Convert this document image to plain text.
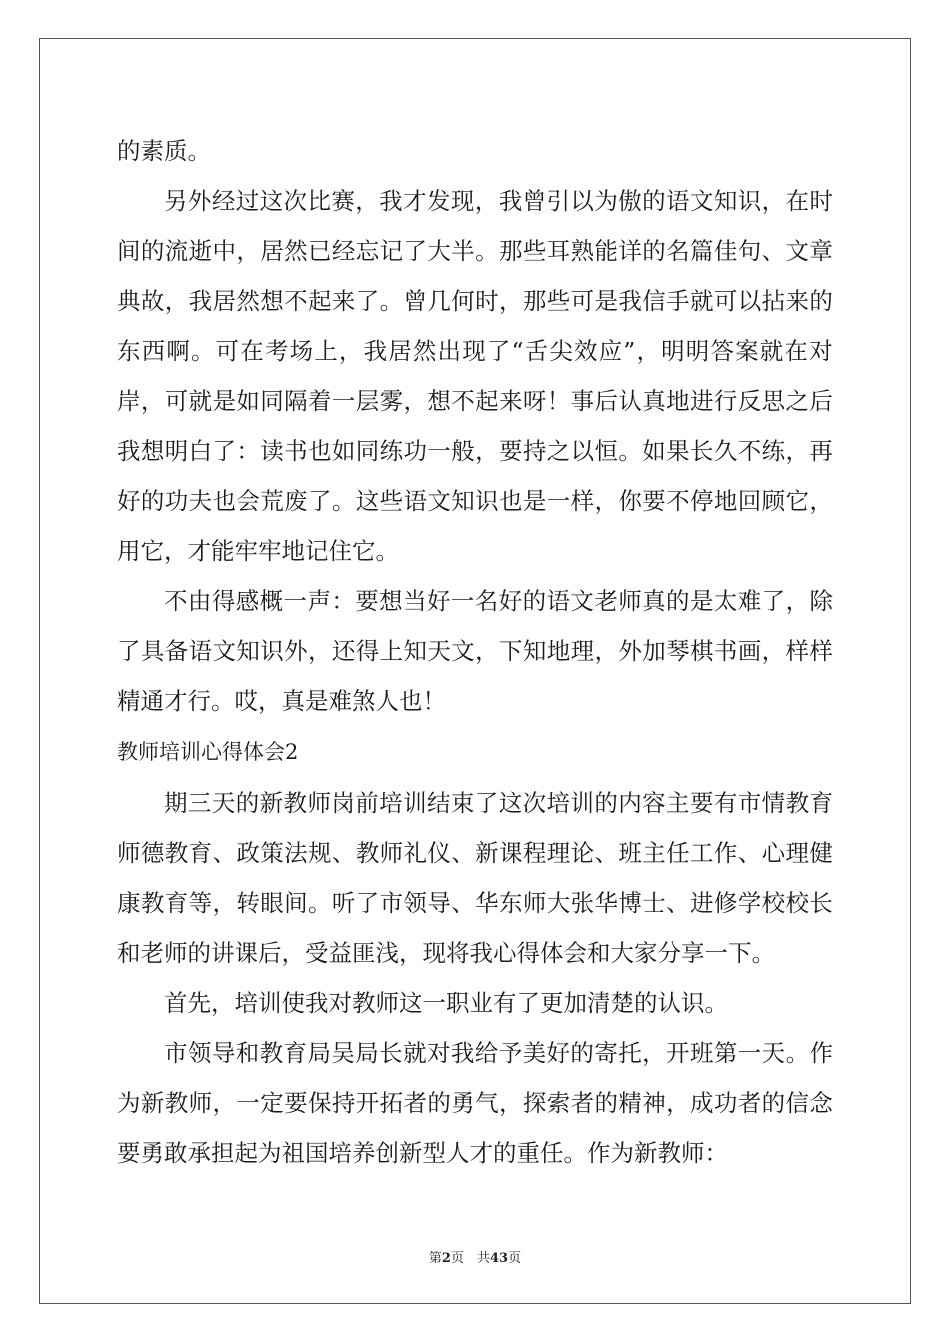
的素质。
另 外 经 过 这 次 比 赛 ， 我 才 发 现 ， 我 曾 引 以 为 傲 的 语 文 知 识 ， 在 时
间 的 流 逝 中 ， 居 然 已 经 忘 记 了 大 半 。 那 些 耳 熟 能 详 的 名 篇 佳 句 、 文 章
典 故 ， 我 居 然 想 不 起 来 了 。 曾 几 何 时 ， 那 些 可 是 我 信 手 就 可 以 拈 来 的
东 西 啊 。 可 在 考 场 上 ， 我 居 然 出 现 了 “ 舌 尖 效 应 ” ， 明 明 答 案 就 在 对
岸 ， 可 就 是 如 同 隔 着 一 层 雾 ， 想 不 起 来 呀 ！ 事 后 认 真 地 进 行 反 思 之 后
我 想 明 白 了 ： 读 书 也 如 同 练 功 一 般 ， 要 持 之 以 恒 。 如 果 长 久 不 练 ， 再
好 的 功 夫 也 会 荒 废 了 。 这 些 语 文 知 识 也 是 一 样 ， 你 要 不 停 地 回 顾 它 ，
用它，才能牢牢地记住它。
不 由 得 感 概 一 声 ： 要 想 当 好 一 名 好 的 语 文 老 师 真 的 是 太 难 了 ， 除
了 具 备 语 文 知 识 外 ， 还 得 上 知 天 文 ， 下 知 地 理 ， 外 加 琴 棋 书 画 ， 样 样
精通才行。哎，真是难煞人也！
教师培训心得体会2
期 三 天 的 新 教 师 岗 前 培 训 结 束 了 这 次 培 训 的 内 容 主 要 有 市 情 教 育
师 德 教 育 、 政 策 法 规 、 教 师 礼 仪 、 新 课 程 理 论 、 班 主 任 工 作 、 心 理 健
康 教 育 等 ， 转 眼 间 。 听 了 市 领 导 、 华 东 师 大 张 华 博 士 、 进 修 学 校 校 长
和老师的讲课后，受益匪浅，现将我心得体会和大家分享一下。
首先，培训使我对教师这一职业有了更加清楚的认识。
市 领 导 和 教 育 局 吴 局 长 就 对 我 给 予 美 好 的 寄 托 ， 开 班 第 一 天 。 作
为 新 教 师 ， 一 定 要 保 持 开 拓 者 的 勇 气 ， 探 索 者 的 精 神 ， 成 功 者 的 信 念
要勇敢承担起为祖国培养创新型人才的重任。作为新教师：
第2页　共43页
